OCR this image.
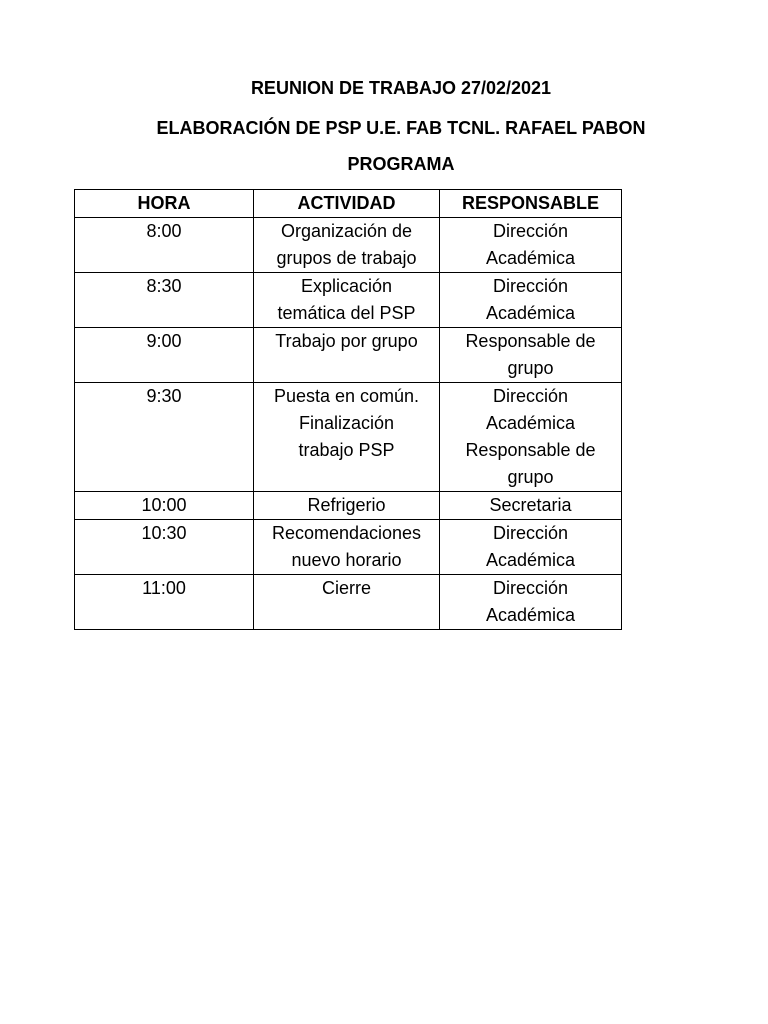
REUNION DE TRABAJO 27/02/2021
ELABORACIÓN DE PSP U.E. FAB TCNL. RAFAEL PABON
PROGRAMA
HORA	ACTIVIDAD	RESPONSABLE
8:00	Organización de
grupos de trabajo	Dirección
Académica

8:30	Explicación
temática del PSP	Dirección
Académica

9:00	Trabajo por grupo	Responsable de
grupo

9:30	Puesta en común.
Finalización
trabajo PSP	Dirección
Académica
Responsable de
grupo

10:00	Refrigerio	Secretaria

10:30	Recomendaciones
nuevo horario	Dirección
Académica

11:00	Cierre	Dirección
Académica
